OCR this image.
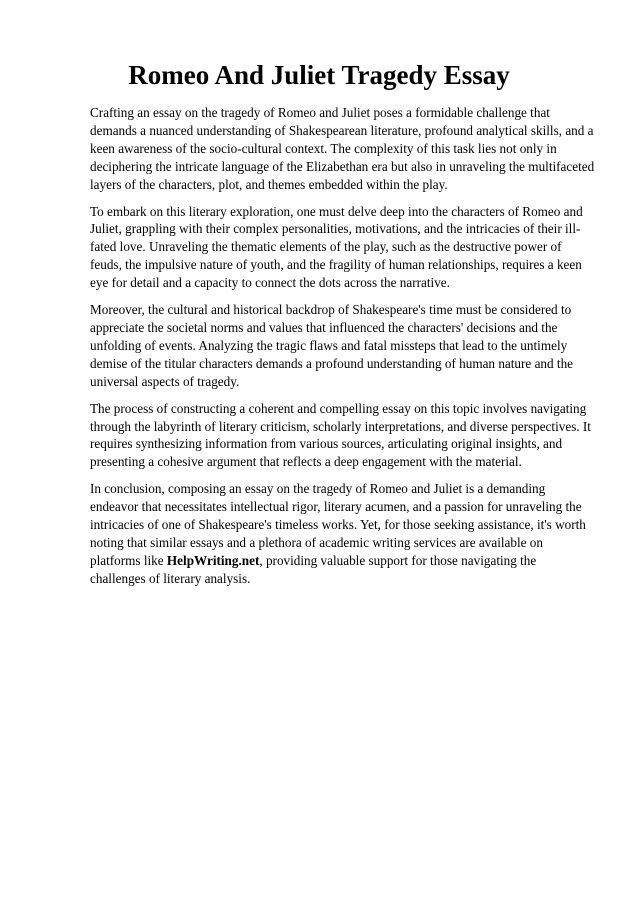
Romeo And Juliet Tragedy Essay

Crafting an essay on the tragedy of Romeo and Juliet poses a formidable challenge that demands a nuanced understanding of Shakespearean literature, profound analytical skills, and a keen awareness of the socio-cultural context. The complexity of this task lies not only in deciphering the intricate language of the Elizabethan era but also in unraveling the multifaceted layers of the characters, plot, and themes embedded within the play.

To embark on this literary exploration, one must delve deep into the characters of Romeo and Juliet, grappling with their complex personalities, motivations, and the intricacies of their ill-fated love. Unraveling the thematic elements of the play, such as the destructive power of feuds, the impulsive nature of youth, and the fragility of human relationships, requires a keen eye for detail and a capacity to connect the dots across the narrative.

Moreover, the cultural and historical backdrop of Shakespeare's time must be considered to appreciate the societal norms and values that influenced the characters' decisions and the unfolding of events. Analyzing the tragic flaws and fatal missteps that lead to the untimely demise of the titular characters demands a profound understanding of human nature and the universal aspects of tragedy.

The process of constructing a coherent and compelling essay on this topic involves navigating through the labyrinth of literary criticism, scholarly interpretations, and diverse perspectives. It requires synthesizing information from various sources, articulating original insights, and presenting a cohesive argument that reflects a deep engagement with the material.

In conclusion, composing an essay on the tragedy of Romeo and Juliet is a demanding endeavor that necessitates intellectual rigor, literary acumen, and a passion for unraveling the intricacies of one of Shakespeare's timeless works. Yet, for those seeking assistance, it's worth noting that similar essays and a plethora of academic writing services are available on platforms like HelpWriting.net, providing valuable support for those navigating the challenges of literary analysis.
